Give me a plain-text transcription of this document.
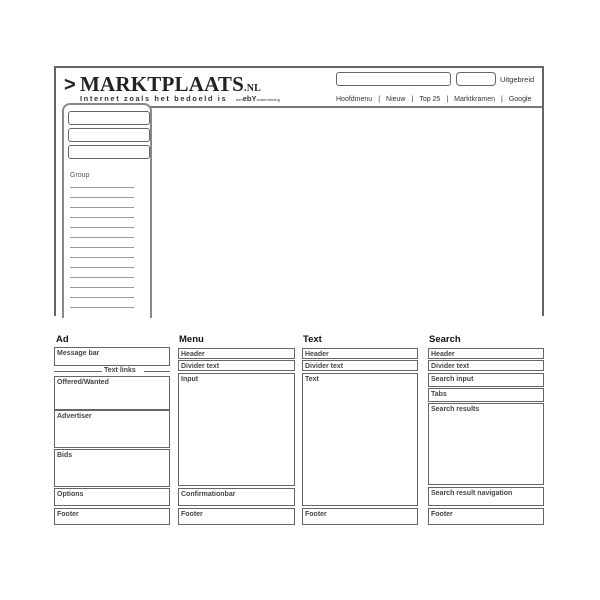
> MARKTPLAATS.NL
Internet zoals het bedoeld is eenebYonderneming
Uitgebreid
Hoofdmenu | Nieuw | Top 25 | Marktkramen | Google
Group
Ad
Message bar
Text links
Offered/Wanted
Advertiser
Bids
Options
Footer
Menu
Header
Divider text
Input
Confirmationbar
Footer
Text
Header
Divider text
Text
Footer
Search
Header
Divider text
Search input
Tabs
Search results
Search result navigation
Footer
